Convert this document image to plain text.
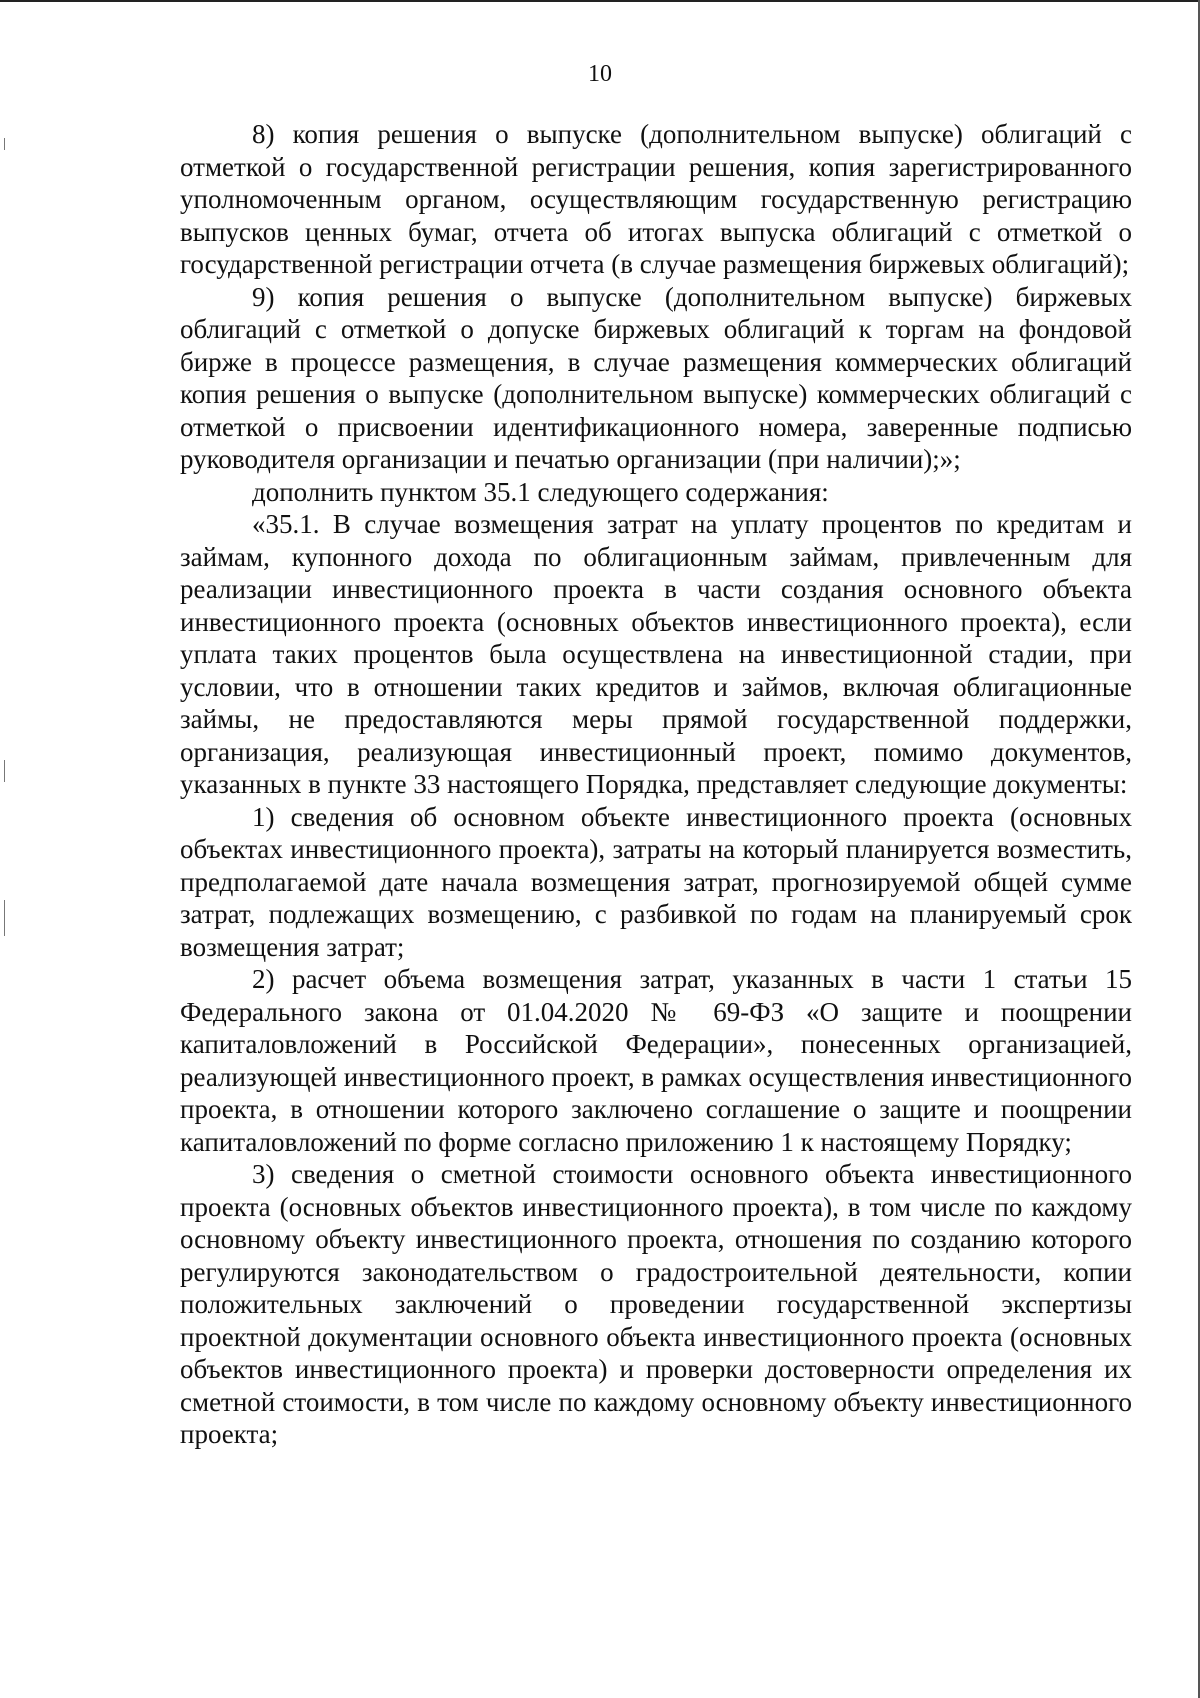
10

8) копия решения о выпуске (дополнительном выпуске) облигаций с отметкой о государственной регистрации решения, копия зарегистрированного уполномоченным органом, осуществляющим государственную регистрацию выпусков ценных бумаг, отчета об итогах выпуска облигаций с отметкой о государственной регистрации отчета (в случае размещения биржевых облигаций);

9) копия решения о выпуске (дополнительном выпуске) биржевых облигаций с отметкой о допуске биржевых облигаций к торгам на фондовой бирже в процессе размещения, в случае размещения коммерческих облигаций копия решения о выпуске (дополнительном выпуске) коммерческих облигаций с отметкой о присвоении идентификационного номера, заверенные подписью руководителя организации и печатью организации (при наличии);»;

дополнить пунктом 35.1 следующего содержания:

«35.1. В случае возмещения затрат на уплату процентов по кредитам и займам, купонного дохода по облигационным займам, привлеченным для реализации инвестиционного проекта в части создания основного объекта инвестиционного проекта (основных объектов инвестиционного проекта), если уплата таких процентов была осуществлена на инвестиционной стадии, при условии, что в отношении таких кредитов и займов, включая облигационные займы, не предоставляются меры прямой государственной поддержки, организация, реализующая инвестиционный проект, помимо документов, указанных в пункте 33 настоящего Порядка, представляет следующие документы:

1) сведения об основном объекте инвестиционного проекта (основных объектах инвестиционного проекта), затраты на который планируется возместить, предполагаемой дате начала возмещения затрат, прогнозируемой общей сумме затрат, подлежащих возмещению, с разбивкой по годам на планируемый срок возмещения затрат;

2) расчет объема возмещения затрат, указанных в части 1 статьи 15 Федерального закона от 01.04.2020 № 69-ФЗ «О защите и поощрении капиталовложений в Российской Федерации», понесенных организацией, реализующей инвестиционного проект, в рамках осуществления инвестиционного проекта, в отношении которого заключено соглашение о защите и поощрении капиталовложений по форме согласно приложению 1 к настоящему Порядку;

3) сведения о сметной стоимости основного объекта инвестиционного проекта (основных объектов инвестиционного проекта), в том числе по каждому основному объекту инвестиционного проекта, отношения по созданию которого регулируются законодательством о градостроительной деятельности, копии положительных заключений о проведении государственной экспертизы проектной документации основного объекта инвестиционного проекта (основных объектов инвестиционного проекта) и проверки достоверности определения их сметной стоимости, в том числе по каждому основному объекту инвестиционного проекта;
